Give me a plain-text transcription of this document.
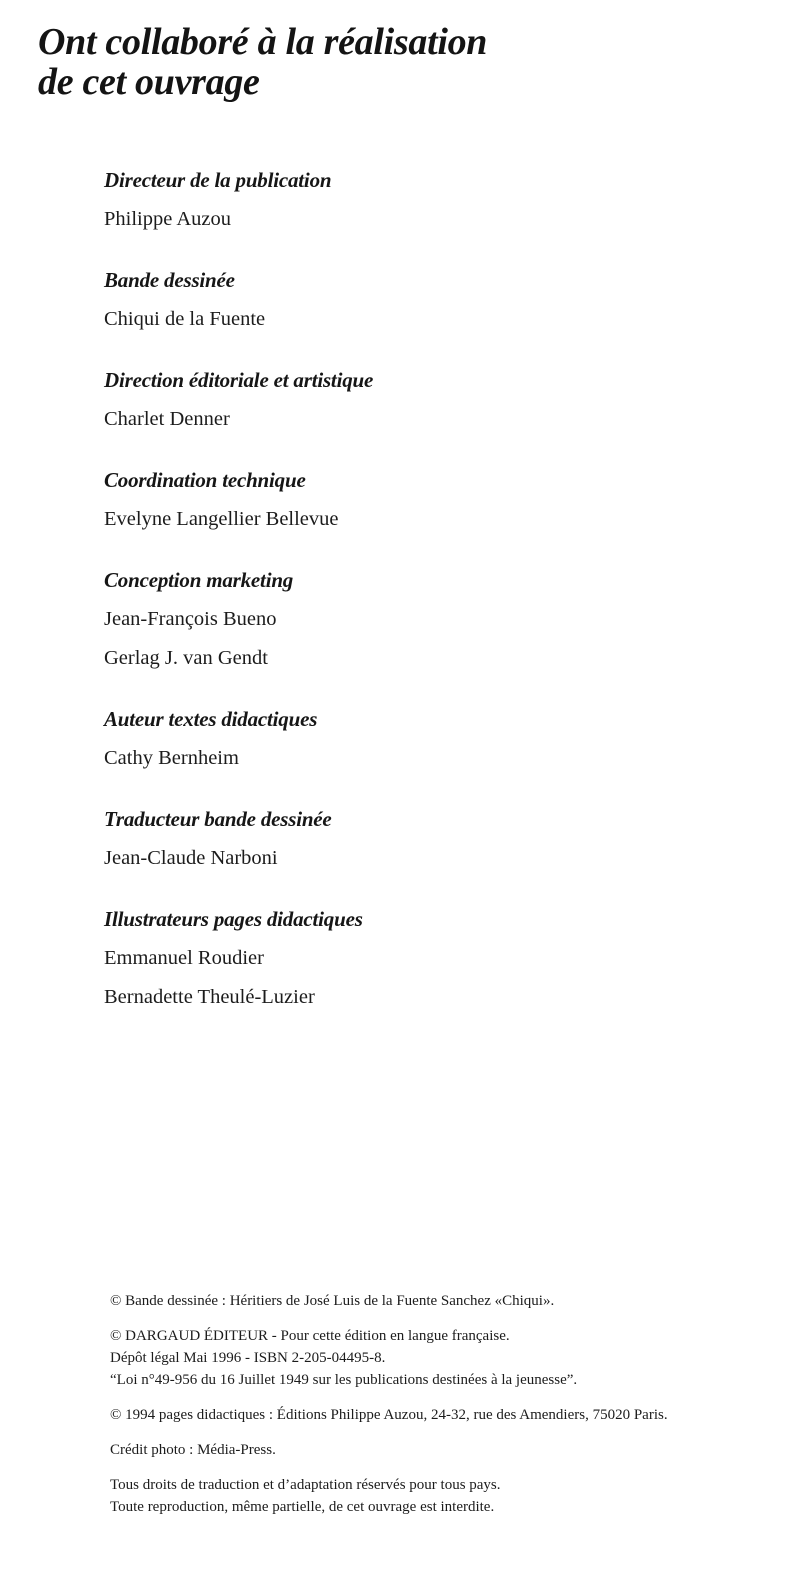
Ont collaboré à la réalisation
de cet ouvrage
Directeur de la publication
Philippe Auzou
Bande dessinée
Chiqui de la Fuente
Direction éditoriale et artistique
Charlet Denner
Coordination technique
Evelyne Langellier Bellevue
Conception marketing
Jean-François Bueno
Gerlag J. van Gendt
Auteur textes didactiques
Cathy Bernheim
Traducteur bande dessinée
Jean-Claude Narboni
Illustrateurs pages didactiques
Emmanuel Roudier
Bernadette Theulé-Luzier

© Bande dessinée : Héritiers de José Luis de la Fuente Sanchez «Chiqui».

© DARGAUD ÉDITEUR - Pour cette édition en langue française.

Dépôt légal Mai 1996 - ISBN 2-205-04495-8.

“Loi n°49-956 du 16 Juillet 1949 sur les publications destinées à la jeunesse”.

© 1994 pages didactiques : Éditions Philippe Auzou, 24-32, rue des Amendiers, 75020 Paris.

Crédit photo : Média-Press.

Tous droits de traduction et d’adaptation réservés pour tous pays.

Toute reproduction, même partielle, de cet ouvrage est interdite.
